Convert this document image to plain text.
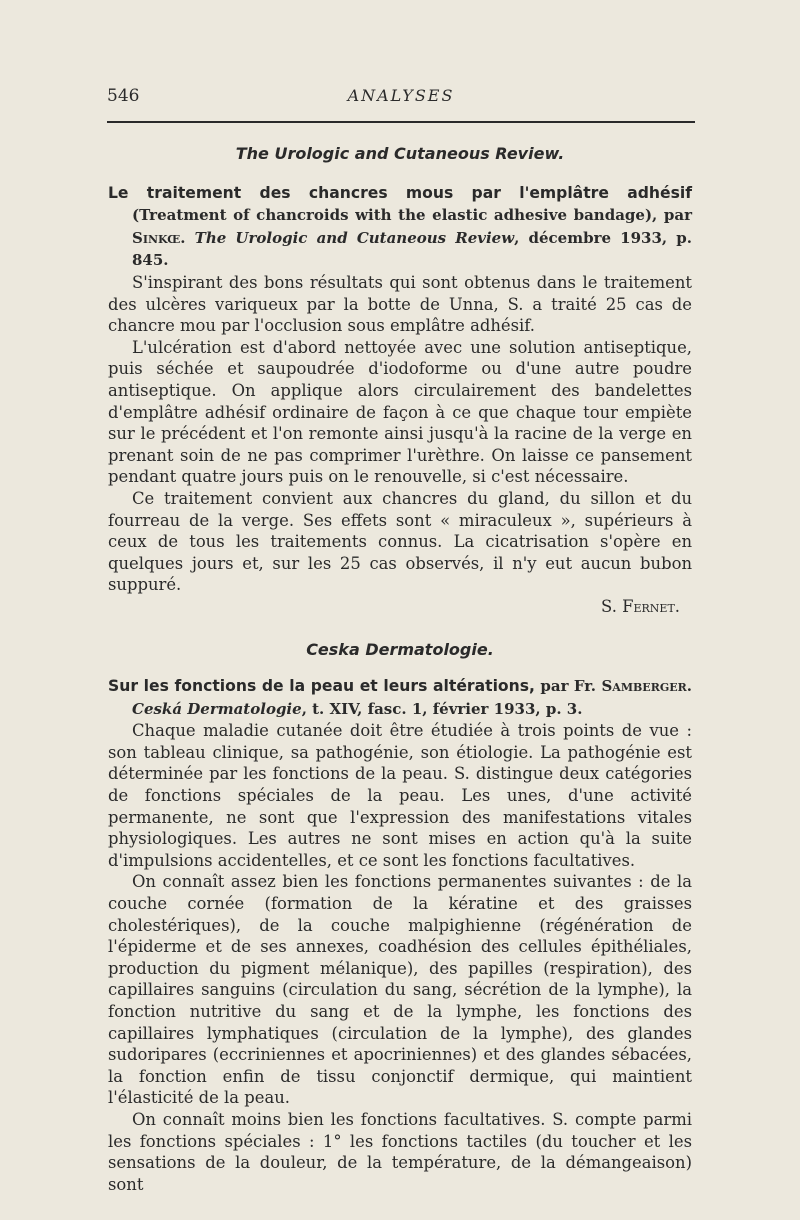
546	ANALYSES
The Urologic and Cutaneous Review.

Le traitement des chancres mous par l'emplâtre adhésif (Treatment of chancroids with the elastic adhesive bandage), par Sinkœ. The Urologic and Cutaneous Review, décembre 1933, p. 845.

S'inspirant des bons résultats qui sont obtenus dans le traitement des ulcères variqueux par la botte de Unna, S. a traité 25 cas de chancre mou par l'occlusion sous emplâtre adhésif.

L'ulcération est d'abord nettoyée avec une solution antiseptique, puis séchée et saupoudrée d'iodoforme ou d'une autre poudre antiseptique. On applique alors circulairement des bandelettes d'emplâtre adhésif ordinaire de façon à ce que chaque tour empiète sur le précédent et l'on remonte ainsi jusqu'à la racine de la verge en prenant soin de ne pas comprimer l'urèthre. On laisse ce pansement pendant quatre jours puis on le renouvelle, si c'est nécessaire.

Ce traitement convient aux chancres du gland, du sillon et du fourreau de la verge. Ses effets sont « miraculeux », supérieurs à ceux de tous les traitements connus. La cicatrisation s'opère en quelques jours et, sur les 25 cas observés, il n'y eut aucun bubon suppuré.

S. Fernet.

Ceska Dermatologie.

Sur les fonctions de la peau et leurs altérations, par Fr. Samberger. Ceská Dermatologie, t. XIV, fasc. 1, février 1933, p. 3.

Chaque maladie cutanée doit être étudiée à trois points de vue : son tableau clinique, sa pathogénie, son étiologie. La pathogénie est déterminée par les fonctions de la peau. S. distingue deux catégories de fonctions spéciales de la peau. Les unes, d'une activité permanente, ne sont que l'expression des manifestations vitales physiologiques. Les autres ne sont mises en action qu'à la suite d'impulsions accidentelles, et ce sont les fonctions facultatives.

On connaît assez bien les fonctions permanentes suivantes : de la couche cornée (formation de la kératine et des graisses cholestériques), de la couche malpighienne (régénération de l'épiderme et de ses annexes, coadhésion des cellules épithéliales, production du pigment mélanique), des papilles (respiration), des capillaires sanguins (circulation du sang, sécrétion de la lymphe), la fonction nutritive du sang et de la lymphe, les fonctions des capillaires lymphatiques (circulation de la lymphe), des glandes sudoripares (eccriniennes et apocriniennes) et des glandes sébacées, la fonction enfin de tissu conjonctif dermique, qui maintient l'élasticité de la peau.

On connaît moins bien les fonctions facultatives. S. compte parmi les fonctions spéciales : 1° les fonctions tactiles (du toucher et les sensations de la douleur, de la température, de la démangeaison) sont
